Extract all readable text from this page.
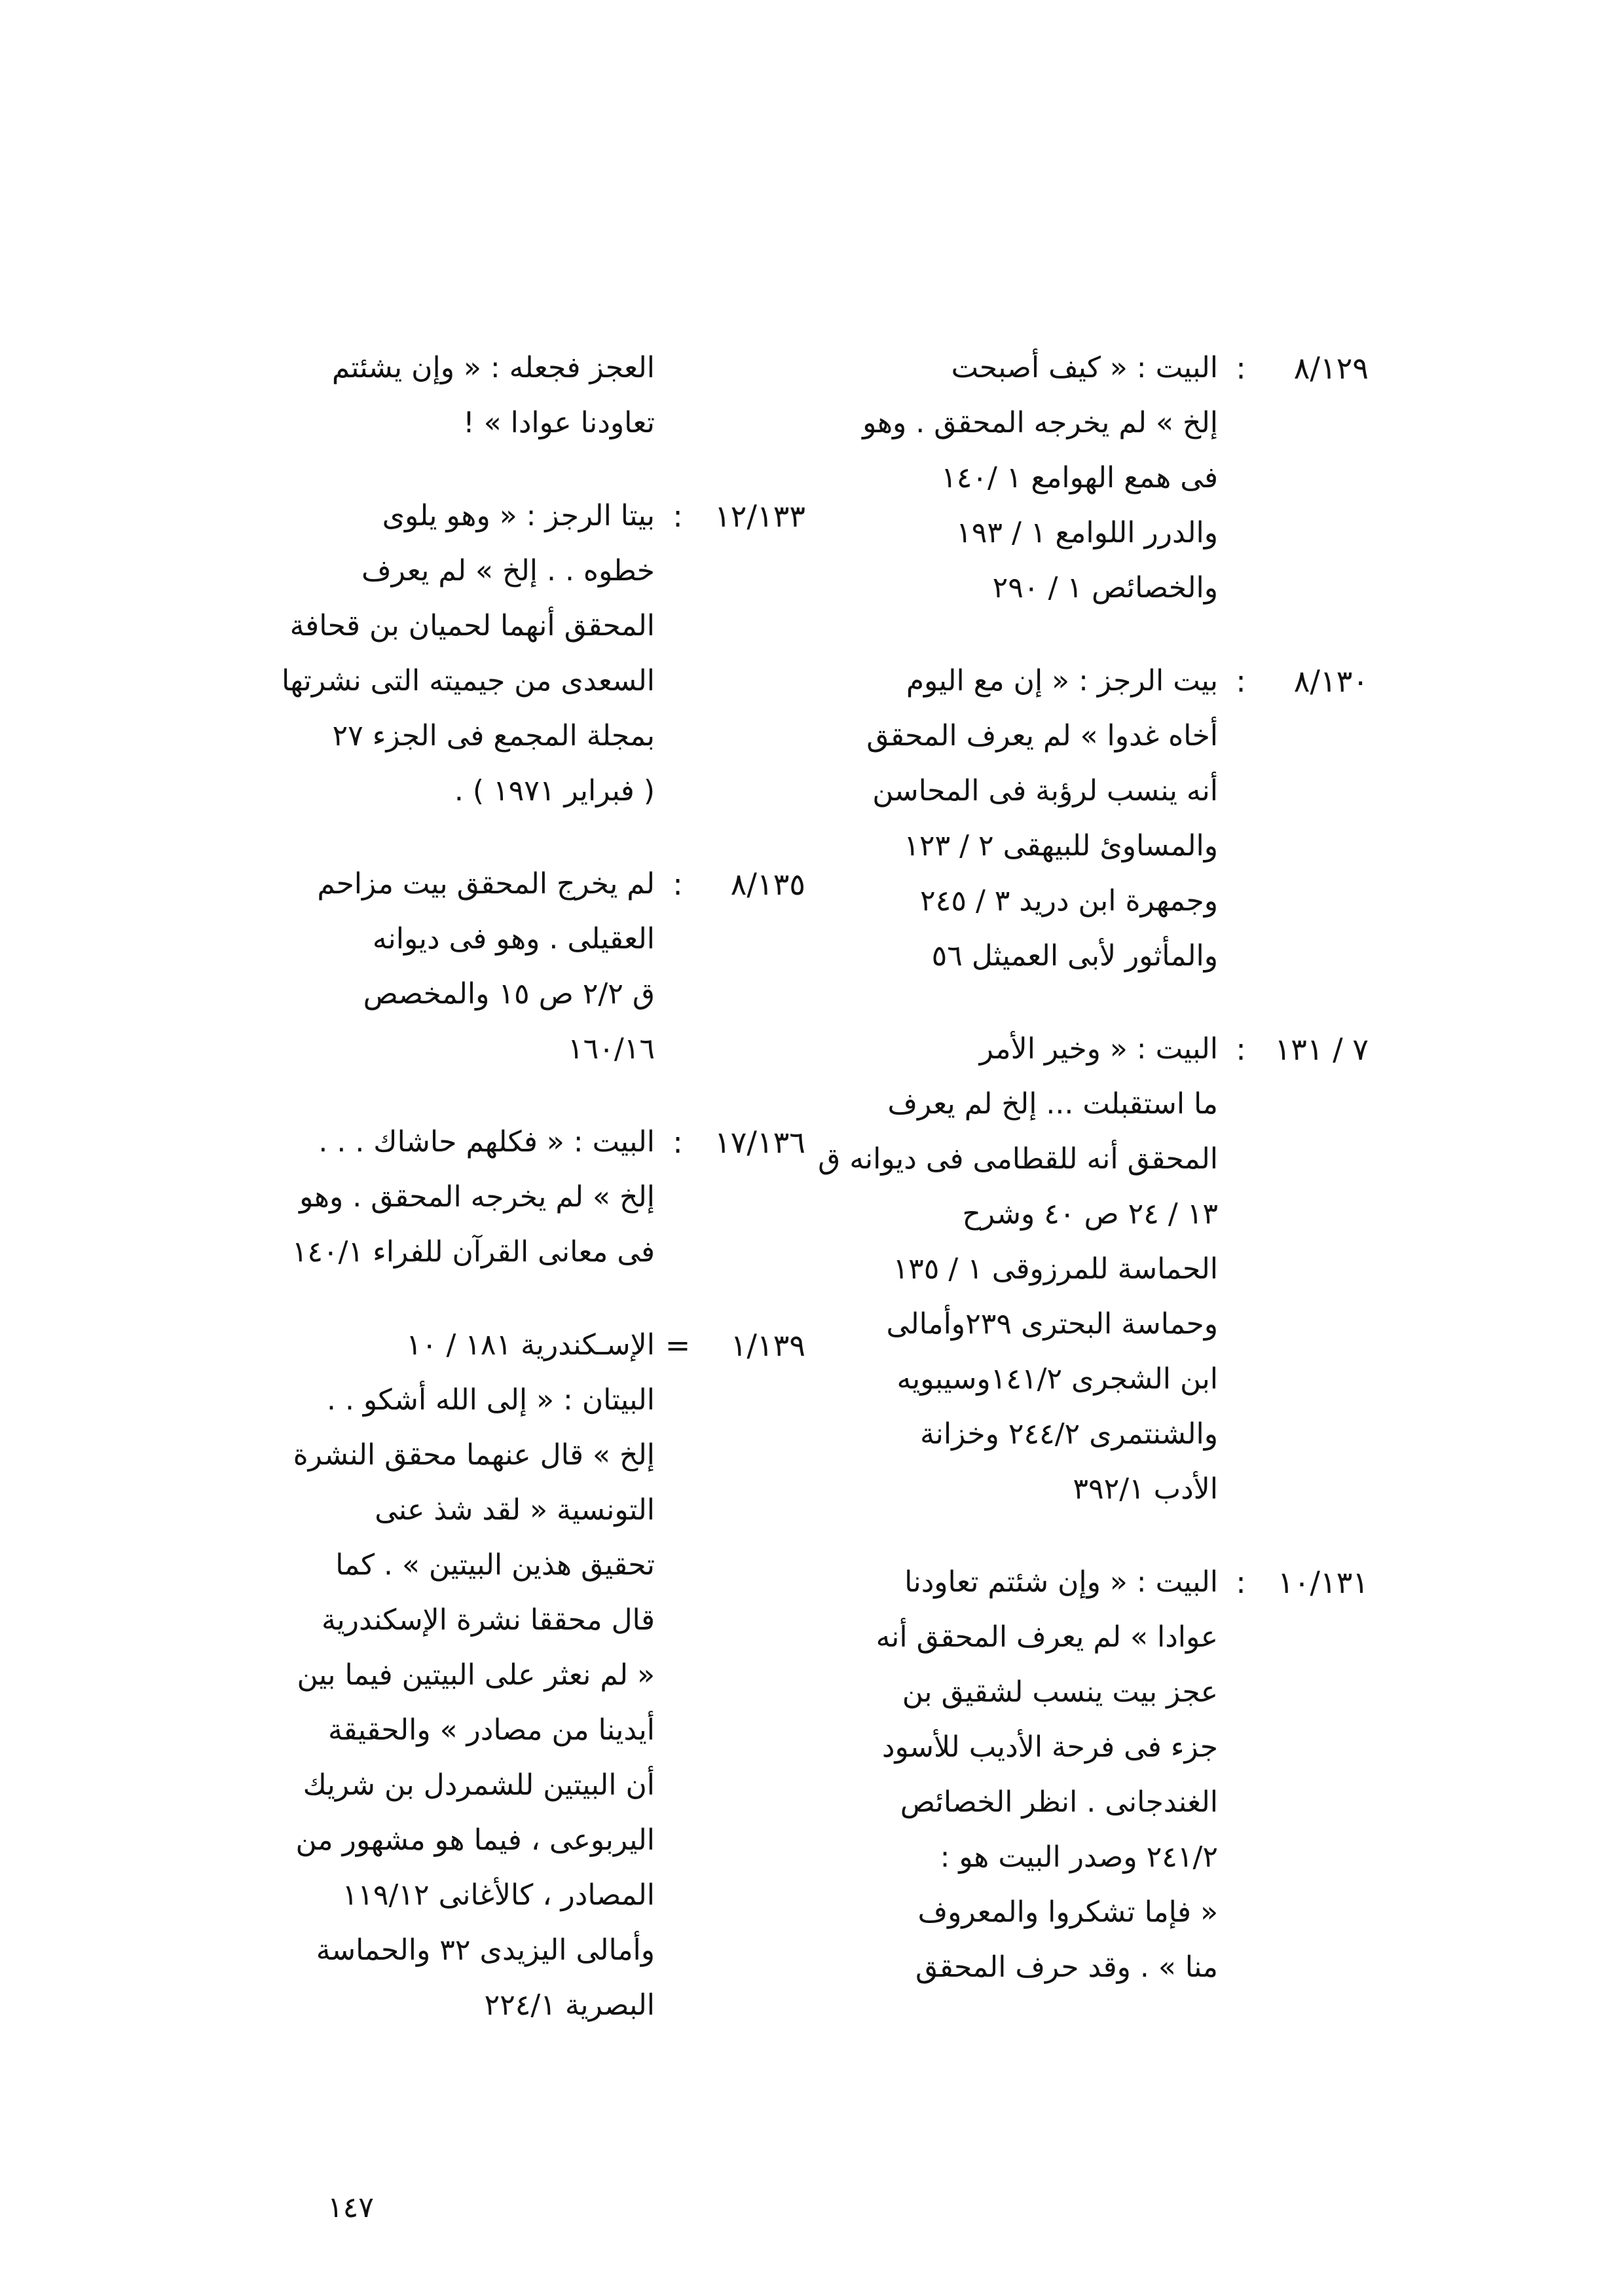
٨/١٢٩
:
البيت : « كيف أصبحت
إلخ » لم يخرجه المحقق . وهو
فى همع الهوامع ١ /١٤٠
والدرر اللوامع ١ / ١٩٣
والخصائص ١ / ٢٩٠
٨/١٣٠
:
بيت الرجز : « إن مع اليوم
أخاه غدوا » لم يعرف المحقق
أنه ينسب لرؤبة فى المحاسن
والمساوئ للبيهقى ٢ / ١٢٣
وجمهرة ابن دريد ٣ / ٢٤٥
والمأثور لأبى العميثل ٥٦
٧ / ١٣١
:
البيت : « وخير الأمر
ما استقبلت ... إلخ لم يعرف
المحقق أنه للقطامى فى ديوانه ق
١٣ / ٢٤ ص ٤٠ وشرح
الحماسة للمرزوقى ١ / ١٣٥
وحماسة البحترى ٢٣٩وأمالى
ابن الشجرى ١٤١/٢وسيبويه
والشنتمرى ٢٤٤/٢ وخزانة
الأدب ٣٩٢/١
١٠/١٣١
:
البيت : « وإن شئتم تعاودنا
عوادا » لم يعرف المحقق أنه
عجز بيت ينسب لشقيق بن
جزء فى فرحة الأديب للأسود
الغندجانى . انظر الخصائص
٢٤١/٢ وصدر البيت هو :
« فإما تشكروا والمعروف
منا » . وقد حرف المحقق
العجز فجعله : « وإن يشئتم
تعاودنا عوادا » !
١٢/١٣٣
:
بيتا الرجز : « وهو يلوى
خطوه . . إلخ » لم يعرف
المحقق أنهما لحميان بن قحافة
السعدى من جيميته التى نشرتها
بمجلة المجمع فى الجزء ٢٧
( فبراير ١٩٧١ ) .
٨/١٣٥
:
لم يخرج المحقق بيت مزاحم
العقيلى . وهو فى ديوانه
ق ٢/٢ ص ١٥ والمخصص
١٦٠/١٦
١٧/١٣٦
:
البيت : « فكلهم حاشاك . . .
إلخ » لم يخرجه المحقق . وهو
فى معانى القرآن للفراء ١٤٠/١
١/١٣٩
=
الإسـكندرية ١٨١ / ١٠
البيتان : « إلى الله أشكو . .
إلخ » قال عنهما محقق النشرة
التونسية « لقد شذ عنى
تحقيق هذين البيتين » . كما
قال محققا نشرة الإسكندرية
« لم نعثر على البيتين فيما بين
أيدينا من مصادر » والحقيقة
أن البيتين للشمردل بن شريك
اليربوعى ، فيما هو مشهور من
المصادر ، كالأغانى ١١٩/١٢
وأمالى اليزيدى ٣٢ والحماسة
البصرية ٢٢٤/١
١٤٧
